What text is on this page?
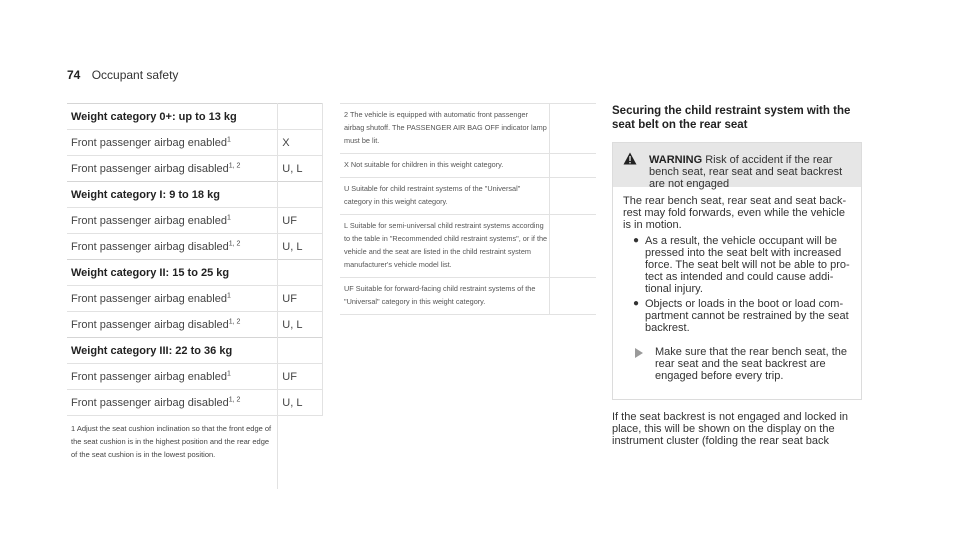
74 Occupant safety
Weight category 0+: up to 13 kg	
Front passenger airbag enabled$^1$	X
Front passenger airbag disabled$^{1, 2}$	U, L
Weight category I: 9 to 18 kg	
Front passenger airbag enabled$^1$	UF
Front passenger airbag disabled$^{1, 2}$	U, L
Weight category II: 15 to 25 kg	
Front passenger airbag enabled$^1$	UF
Front passenger airbag disabled$^{1, 2}$	U, L
Weight category III: 22 to 36 kg	
Front passenger airbag enabled$^1$	UF
Front passenger airbag disabled$^{1, 2}$	U, L
1 Adjust the seat cushion inclination so that the front edge of the seat cushion is in the highest position and the rear edge of the seat cushion is in the lowest position.	
2 The vehicle is equipped with automatic front passenger airbag shutoff. The PASSENGER AIR BAG OFF indicator lamp must be lit.	
X Not suitable for children in this weight category.	
U Suitable for child restraint systems of the "Universal" category in this weight category.	
L Suitable for semi-universal child restraint systems according to the table in "Recommended child restraint systems", or if the vehicle and the seat are listed in the child restraint system manufacturer's vehicle model list.	
UF Suitable for forward-facing child restraint systems of the "Universal" category in this weight category.	
Securing the child restraint system with the seat belt on the rear seat
WARNING Risk of accident if the rear bench seat, rear seat and seat backrest are not engaged

The rear bench seat, rear seat and seat backrest may fold forwards, even while the vehicle is in motion.

● As a result, the vehicle occupant will be pressed into the seat belt with increased force. The seat belt will not be able to protect as intended and could cause additional injury.
● Objects or loads in the boot or load compartment cannot be restrained by the seat backrest.
Make sure that the rear bench seat, the rear seat and the seat backrest are engaged before every trip.
If the seat backrest is not engaged and locked in place, this will be shown on the display on the instrument cluster (folding the rear seat back
